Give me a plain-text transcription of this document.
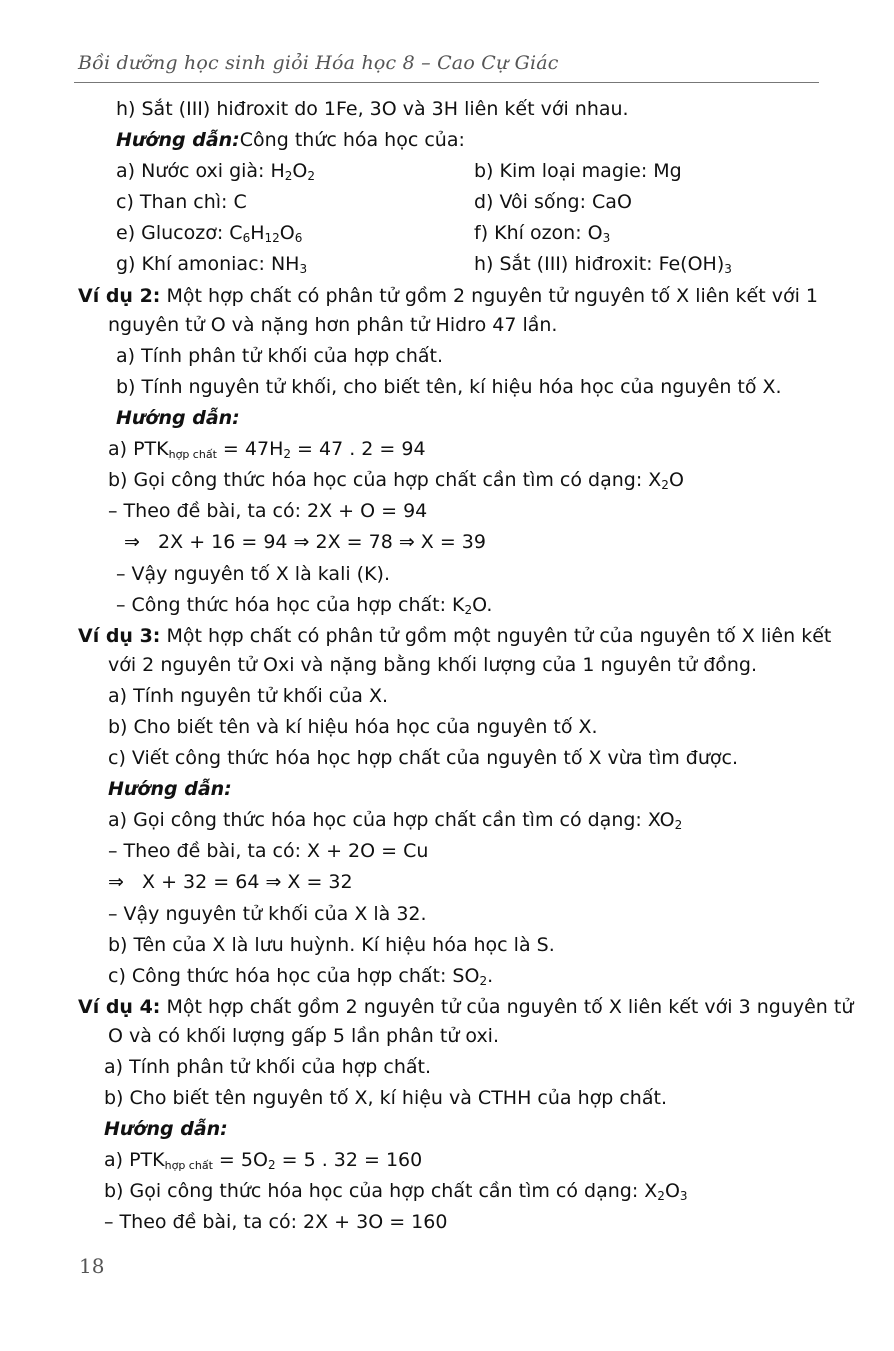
Bồi dưỡng học sinh giỏi Hóa học 8 – Cao Cự Giác
h) Sắt (III) hiđroxit do 1Fe, 3O và 3H liên kết với nhau.
Hướng dẫn:Công thức hóa học của:
a) Nước oxi già: $H_2O_2$	b) Kim loại magie: Mg
c) Than chì: C	d) Vôi sống: CaO
e) Glucozơ: $C_6H_{12}O_6$	f) Khí ozon: $O_3$
g) Khí amoniac: $NH_3$	h) Sắt (III) hiđroxit: $Fe(OH)_3$
Ví dụ 2: Một hợp chất có phân tử gồm 2 nguyên tử nguyên tố X liên kết với 1
nguyên tử O và nặng hơn phân tử Hidro 47 lần.
a) Tính phân tử khối của hợp chất.
b) Tính nguyên tử khối, cho biết tên, kí hiệu hóa học của nguyên tố X.
Hướng dẫn:
a) $PTK_{hợp chất} = 47H_2 = 47$ . 2 = 94
b) Gọi công thức hóa học của hợp chất cần tìm có dạng: $X_2O$
– Theo đề bài, ta có: 2X + O = 94
⇒ 2X + 16 = 94 ⇒ 2X = 78 ⇒ X = 39
– Vậy nguyên tố X là kali (K).
– Công thức hóa học của hợp chất: $K_2O$.
Ví dụ 3: Một hợp chất có phân tử gồm một nguyên tử của nguyên tố X liên kết
với 2 nguyên tử Oxi và nặng bằng khối lượng của 1 nguyên tử đồng.
a) Tính nguyên tử khối của X.
b) Cho biết tên và kí hiệu hóa học của nguyên tố X.
c) Viết công thức hóa học hợp chất của nguyên tố X vừa tìm được.
Hướng dẫn:
a) Gọi công thức hóa học của hợp chất cần tìm có dạng: $XO_2$
– Theo đề bài, ta có: X + 2O = Cu
⇒ X + 32 = 64 ⇒ X = 32
– Vậy nguyên tử khối của X là 32.
b) Tên của X là lưu huỳnh. Kí hiệu hóa học là S.
c) Công thức hóa học của hợp chất: $SO_2$.
Ví dụ 4: Một hợp chất gồm 2 nguyên tử của nguyên tố X liên kết với 3 nguyên tử
O và có khối lượng gấp 5 lần phân tử oxi.
a) Tính phân tử khối của hợp chất.
b) Cho biết tên nguyên tố X, kí hiệu và CTHH của hợp chất.
Hướng dẫn:
a) $PTK_{hợp chất} = 5O_2 = 5$ . 32 = 160
b) Gọi công thức hóa học của hợp chất cần tìm có dạng: $X_2O_3$
– Theo đề bài, ta có: 2X + 3O = 160
18
